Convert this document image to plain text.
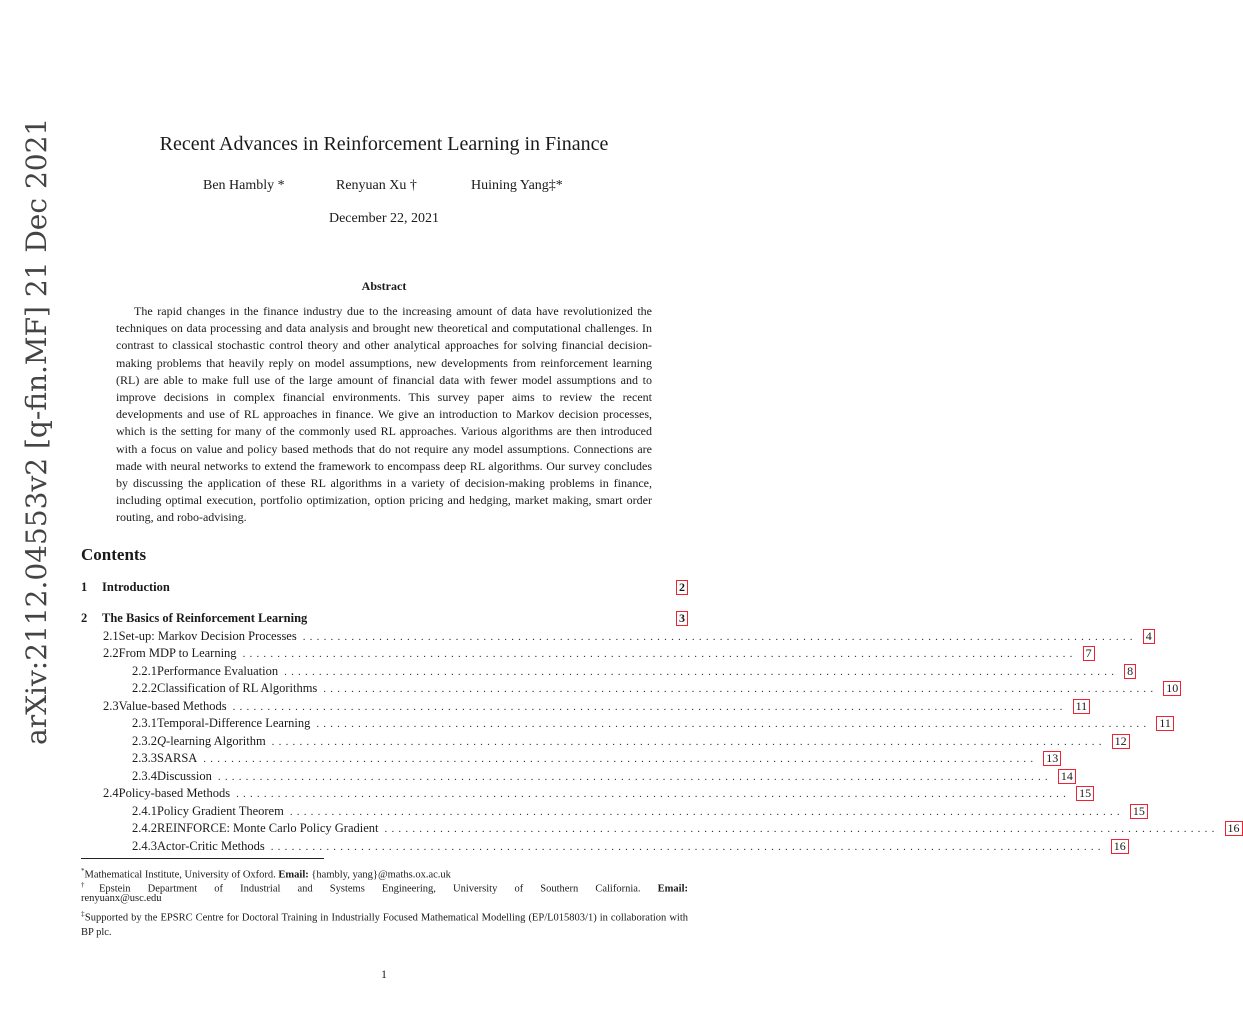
arXiv:2112.04553v2 [q-fin.MF] 21 Dec 2021	Recent Advances in Reinforcement Learning in Finance
Ben Hambly *	Renyuan Xu †	Huining Yang‡*
December 22, 2021
Abstract

The rapid changes in the finance industry due to the increasing amount of data have revolutionized the techniques on data processing and data analysis and brought new theoretical and computational challenges. In contrast to classical stochastic control theory and other analytical approaches for solving financial decision-making problems that heavily reply on model assumptions, new developments from reinforcement learning (RL) are able to make full use of the large amount of financial data with fewer model assumptions and to improve decisions in complex financial environments. This survey paper aims to review the recent developments and use of RL approaches in finance. We give an introduction to Markov decision processes, which is the setting for many of the commonly used RL approaches. Various algorithms are then introduced with a focus on value and policy based methods that do not require any model assumptions. Connections are made with neural networks to extend the framework to encompass deep RL algorithms. Our survey concludes by discussing the application of these RL algorithms in a variety of decision-making problems in finance, including optimal execution, portfolio optimization, option pricing and hedging, market making, smart order routing, and robo-advising.

Contents
1	Introduction	2
2	The Basics of Reinforcement Learning	3
2.1 Set-up: Markov Decision Processes ........................................................................................................................ 4
2.2 From MDP to Learning ........................................................................................................................ 7
2.2.1 Performance Evaluation ........................................................................................................................ 8
2.2.2 Classification of RL Algorithms ........................................................................................................................ 10
2.3 Value-based Methods ........................................................................................................................ 11
2.3.1 Temporal-Difference Learning ........................................................................................................................ 11
2.3.2 Q-learning Algorithm ........................................................................................................................ 12
2.3.3 SARSA ........................................................................................................................ 13
2.3.4 Discussion ........................................................................................................................ 14
2.4 Policy-based Methods ........................................................................................................................ 15
2.4.1 Policy Gradient Theorem ........................................................................................................................ 15
2.4.2 REINFORCE: Monte Carlo Policy Gradient ........................................................................................................................ 16
2.4.3 Actor-Critic Methods ........................................................................................................................ 16

*Mathematical Institute, University of Oxford. Email: {hambly, yang}@maths.ox.ac.uk

†Epstein Department of Industrial and Systems Engineering, University of Southern California. Email:

renyuanx@usc.edu

‡Supported by the EPSRC Centre for Doctoral Training in Industrially Focused Mathematical Modelling (EP/L015803/1) in collaboration with BP plc.

1
